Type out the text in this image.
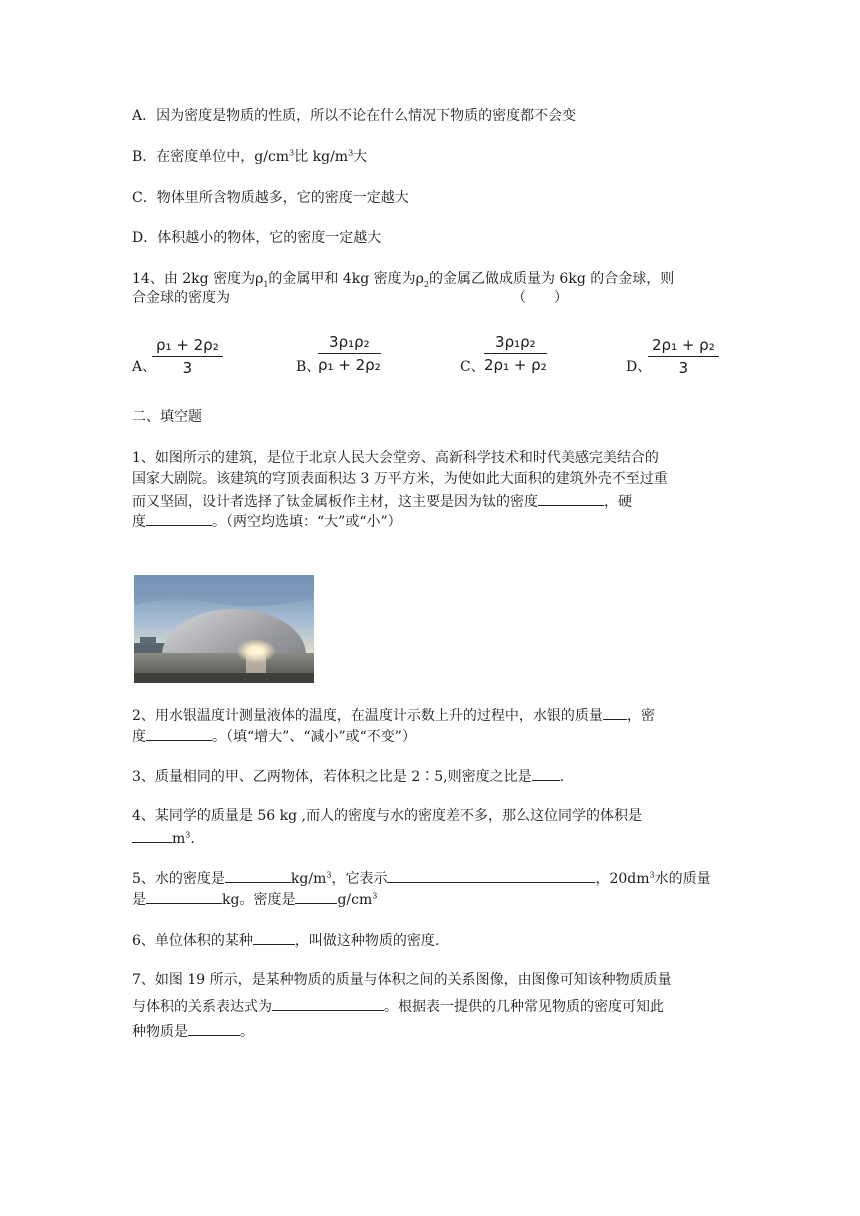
A．因为密度是物质的性质，所以不论在什么情况下物质的密度都不会变
B．在密度单位中，$g/cm^3$比 $kg/m^3$大
C．物体里所含物质越多，它的密度一定越大
D．体积越小的物体，它的密度一定越大
14、由 2kg 密度为$\rho_1$的金属甲和 4kg 密度为$\rho_2$的金属乙做成质量为 6kg 的合金球，则
合金球的密度为	（　　）
A、
$\frac{\text{ρ₁ + 2ρ₂}}{3}$	B、
$\frac{\text{3ρ₁ρ₂}}{\text{ρ₁ + 2ρ₂}}$	C、 $\frac{\text{3ρ₁ρ₂}}{\text{2ρ₁ + ρ₂}}$	D、
$\frac{\text{2ρ₁ + ρ₂}}{3}$
二、填空题
1、如图所示的建筑，是位于北京人民大会堂旁、高新科学技术和时代美感完美结合的
国家大剧院。该建筑的穹顶表面积达 3 万平方米，为使如此大面积的建筑外壳不至过重
而又坚固，设计者选择了钛金属板作主材，这主要是因为钛的密度	，硬
度	。（两空均选填：“大”或“小”）
2、用水银温度计测量液体的温度，在温度计示数上升的过程中，水银的质量 ，密
度	。（填“增大”、“减小”或“不变”）
3、质量相同的甲、乙两物体，若体积之比是 2∶5,则密度之比是 .
4、某同学的质量是 56 kg ,而人的密度与水的密度差不多，那么这位同学的体积是
$m^3$.
5、水的密度是	$kg/m^3$，它表示	，$20dm^3$水的质量
是	kg。密度是	$g/cm^3$
6、单位体积的某种	，叫做这种物质的密度.
7、如图 19 所示，是某种物质的质量与体积之间的关系图像，由图像可知该种物质质量
与体积的关系表达式为	。根据表一提供的几种常见物质的密度可知此
种物质是	。
